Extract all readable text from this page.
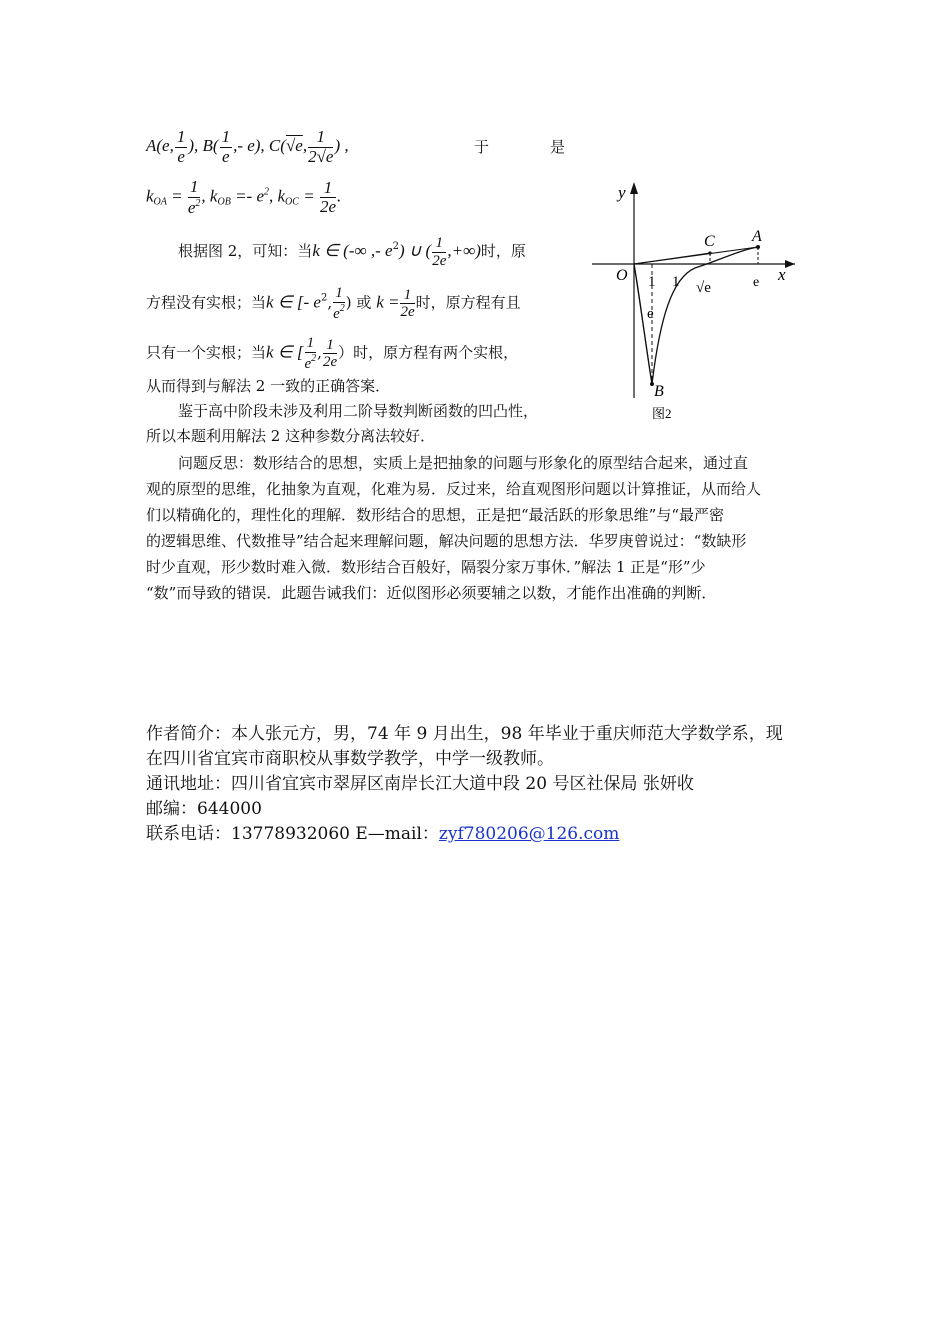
A(e, $\frac{1}{e}$ ), $B( \frac{1}{e}$ ,- e), C(√e, $\frac{1}{2√e}$ ) ,	于	是
$k_{OA} = \frac{1}{e^2}$ , $k_{OB} =- e^2$, $k_{OC} = \frac{1}{2e}$ .
根据图 2，可知：当k ∈ (-∞ ,- $e^2$) ∪ ( $\frac{1}{2e}$ ,+∞)时，原
方程没有实根；当k ∈ [- $e^2$, $\frac{1}{e^2}$ ) 或 $k = \frac{1}{2e}$ 时，原方程有且
只有一个实根；当k ∈ [ $\frac{1}{e^2}$ , $\frac{1}{2e}$ ）时，原方程有两个实根，
从而得到与解法 2 一致的正确答案．
鉴于高中阶段未涉及利用二阶导数判断函数的凹凸性，
所以本题利用解法 2 这种参数分离法较好．
y
x
O
A
C
B
1
e
1 √e	e
图2
问题反思：数形结合的思想，实质上是把抽象的问题与形象化的原型结合起来，通过直
观的原型的思维，化抽象为直观，化难为易．反过来，给直观图形问题以计算推证，从而给人
们以精确化的，理性化的理解．数形结合的思想，正是把“最活跃的形象思维”与“最严密
的逻辑思维、代数推导”结合起来理解问题，解决问题的思想方法．华罗庚曾说过：“数缺形
时少直观，形少数时难入微．数形结合百般好，隔裂分家万事休．”解法 1 正是“形”少
“数”而导致的错误．此题告诫我们：近似图形必须要辅之以数，才能作出准确的判断．
作者简介：本人张元方，男，74 年 9 月出生，98 年毕业于重庆师范大学数学系，现
在四川省宜宾市商职校从事数学教学，中学一级教师。
通讯地址：四川省宜宾市翠屏区南岸长江大道中段 20 号区社保局 张妍收
邮编：644000
联系电话：13778932060 E—mail：zyf780206@126.com
